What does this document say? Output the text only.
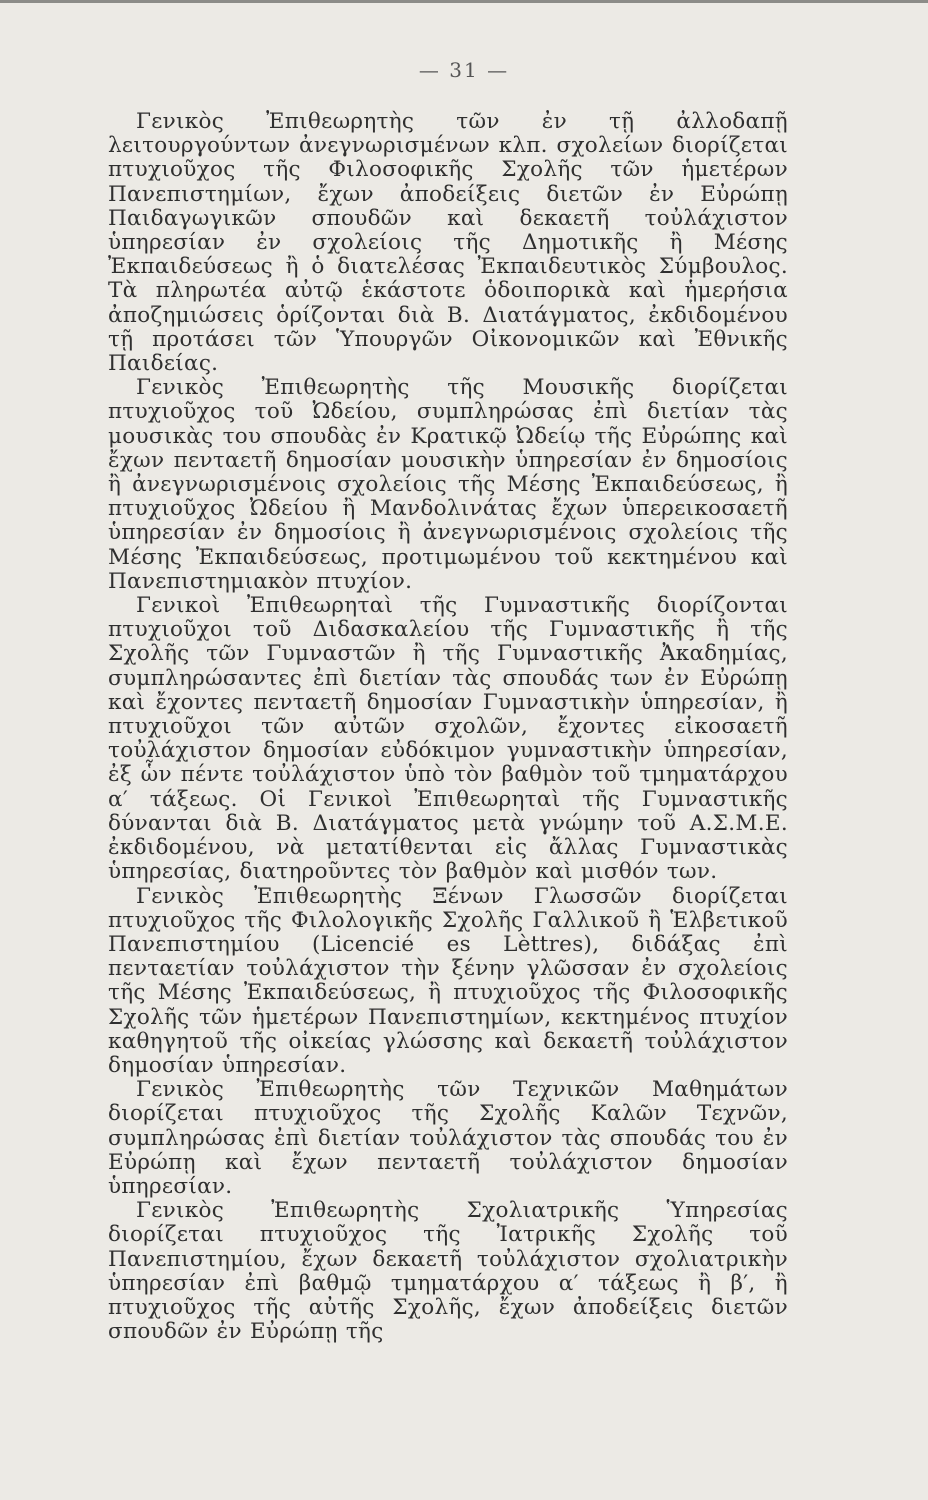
— 31 —

Γενικὸς Ἐπιθεωρητὴς τῶν ἐν τῇ ἀλλοδαπῇ λειτουργούντων ἀνεγνωρισμένων κλπ. σχολείων διορίζεται πτυχιοῦχος τῆς Φιλοσοφικῆς Σχολῆς τῶν ἡμετέρων Πανεπιστημίων, ἔχων ἀποδείξεις διετῶν ἐν Εὐρώπῃ Παιδαγωγικῶν σπουδῶν καὶ δεκαετῆ τοὐλάχιστον ὑπηρεσίαν ἐν σχολείοις τῆς Δημοτικῆς ἢ Μέσης Ἐκπαιδεύσεως ἢ ὁ διατελέσας Ἐκπαιδευτικὸς Σύμβουλος. Τὰ πληρωτέα αὐτῷ ἑκάστοτε ὁδοιπορικὰ καὶ ἡμερήσια ἀποζημιώσεις ὁρίζονται διὰ Β. Διατάγματος, ἐκδιδομένου τῇ προτάσει τῶν Ὑπουργῶν Οἰκονομικῶν καὶ Ἐθνικῆς Παιδείας.

Γενικὸς Ἐπιθεωρητὴς τῆς Μουσικῆς διορίζεται πτυχιοῦχος τοῦ Ὠδείου, συμπληρώσας ἐπὶ διετίαν τὰς μουσικὰς του σπουδὰς ἐν Κρατικῷ Ὠδείῳ τῆς Εὐρώπης καὶ ἔχων πενταετῆ δημοσίαν μουσικὴν ὑπηρεσίαν ἐν δημοσίοις ἢ ἀνεγνωρισμένοις σχολείοις τῆς Μέσης Ἐκπαιδεύσεως, ἢ πτυχιοῦχος Ὠδείου ἢ Μανδολινάτας ἔχων ὑπερεικοσαετῆ ὑπηρεσίαν ἐν δημοσίοις ἢ ἀνεγνωρισμένοις σχολείοις τῆς Μέσης Ἐκπαιδεύσεως, προτιμωμένου τοῦ κεκτημένου καὶ Πανεπιστημιακὸν πτυχίον.

Γενικοὶ Ἐπιθεωρηταὶ τῆς Γυμναστικῆς διορίζονται πτυχιοῦχοι τοῦ Διδασκαλείου τῆς Γυμναστικῆς ἢ τῆς Σχολῆς τῶν Γυμναστῶν ἢ τῆς Γυμναστικῆς Ἀκαδημίας, συμπληρώσαντες ἐπὶ διετίαν τὰς σπουδάς των ἐν Εὐρώπῃ καὶ ἔχοντες πενταετῆ δημοσίαν Γυμναστικὴν ὑπηρεσίαν, ἢ πτυχιοῦχοι τῶν αὐτῶν σχολῶν, ἔχοντες εἰκοσαετῆ τοὐλάχιστον δημοσίαν εὐδόκιμον γυμναστικὴν ὑπηρεσίαν, ἐξ ὧν πέντε τοὐλάχιστον ὑπὸ τὸν βαθμὸν τοῦ τμηματάρχου α′ τάξεως. Οἱ Γενικοὶ Ἐπιθεωρηταὶ τῆς Γυμναστικῆς δύνανται διὰ Β. Διατάγματος μετὰ γνώμην τοῦ Α.Σ.Μ.Ε. ἐκδιδομένου, νὰ μετατίθενται εἰς ἄλλας Γυμναστικὰς ὑπηρεσίας, διατηροῦντες τὸν βαθμὸν καὶ μισθόν των.

Γενικὸς Ἐπιθεωρητὴς Ξένων Γλωσσῶν διορίζεται πτυχιοῦχος τῆς Φιλολογικῆς Σχολῆς Γαλλικοῦ ἢ Ἑλβετικοῦ Πανεπιστημίου (Licencié es Lèttres), διδάξας ἐπὶ πενταετίαν τοὐλάχιστον τὴν ξένην γλῶσσαν ἐν σχολείοις τῆς Μέσης Ἐκπαιδεύσεως, ἢ πτυχιοῦχος τῆς Φιλοσοφικῆς Σχολῆς τῶν ἡμετέρων Πανεπιστημίων, κεκτημένος πτυχίον καθηγητοῦ τῆς οἰκείας γλώσσης καὶ δεκαετῆ τοὐλάχιστον δημοσίαν ὑπηρεσίαν.

Γενικὸς Ἐπιθεωρητὴς τῶν Τεχνικῶν Μαθημάτων διορίζεται πτυχιοῦχος τῆς Σχολῆς Καλῶν Τεχνῶν, συμπληρώσας ἐπὶ διετίαν τοὐλάχιστον τὰς σπουδάς του ἐν Εὐρώπῃ καὶ ἔχων πενταετῆ τοὐλάχιστον δημοσίαν ὑπηρεσίαν.

Γενικὸς Ἐπιθεωρητὴς Σχολιατρικῆς Ὑπηρεσίας διορίζεται πτυχιοῦχος τῆς Ἰατρικῆς Σχολῆς τοῦ Πανεπιστημίου, ἔχων δεκαετῆ τοὐλάχιστον σχολιατρικὴν ὑπηρεσίαν ἐπὶ βαθμῷ τμηματάρχου α′ τάξεως ἢ β′, ἢ πτυχιοῦχος τῆς αὐτῆς Σχολῆς, ἔχων ἀποδείξεις διετῶν σπουδῶν ἐν Εὐρώπῃ τῆς
